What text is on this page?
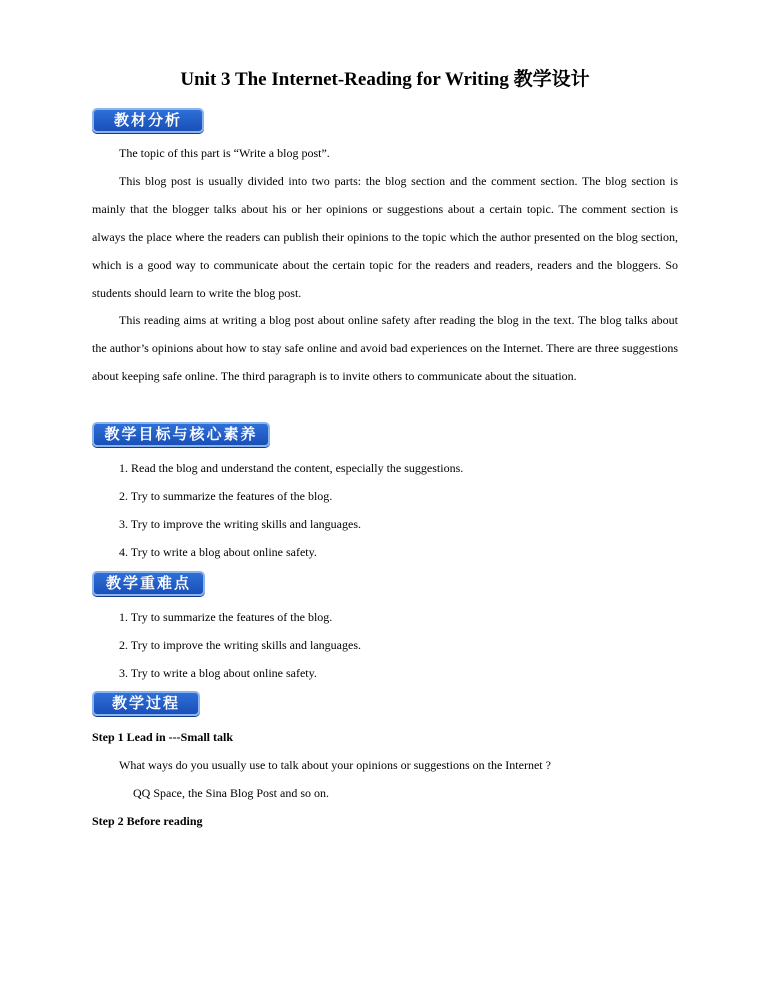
Unit 3 The Internet-Reading for Writing 教学设计
教材分析

The topic of this part is “Write a blog post”.

This blog post is usually divided into two parts: the blog section and the comment section. The blog section is mainly that the blogger talks about his or her opinions or suggestions about a certain topic. The comment section is always the place where the readers can publish their opinions to the topic which the author presented on the blog section, which is a good way to communicate about the certain topic for the readers and readers, readers and the bloggers. So students should learn to write the blog post.

This reading aims at writing a blog post about online safety after reading the blog in the text. The blog talks about the author’s opinions about how to stay safe online and avoid bad experiences on the Internet. There are three suggestions about keeping safe online. The third paragraph is to invite others to communicate about the situation.

教学目标与核心素养
1. Read the blog and understand the content, especially the suggestions.
2. Try to summarize the features of the blog.
3. Try to improve the writing skills and languages.
4. Try to write a blog about online safety.
教学重难点
1. Try to summarize the features of the blog.
2. Try to improve the writing skills and languages.
3. Try to write a blog about online safety.
教学过程
Step 1 Lead in ---Small talk
What ways do you usually use to talk about your opinions or suggestions on the Internet ?
QQ Space, the Sina Blog Post and so on.
Step 2 Before reading
